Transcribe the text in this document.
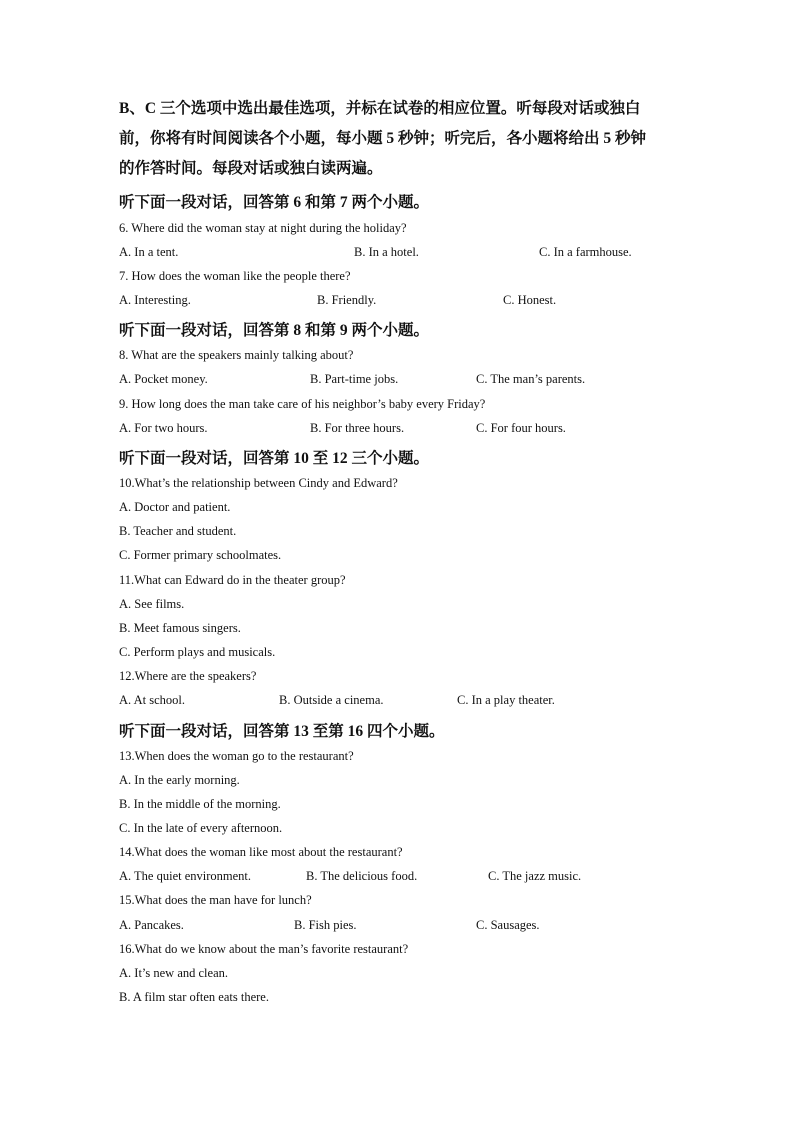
B、C 三个选项中选出最佳选项，并标在试卷的相应位置。听每段对话或独白
前，你将有时间阅读各个小题，每小题 5 秒钟；听完后，各小题将给出 5 秒钟
的作答时间。每段对话或独白读两遍。
听下面一段对话，回答第 6 和第 7 两个小题。
6. Where did the woman stay at night during the holiday?
A. In a tent.	B. In a hotel.	C. In a farmhouse.
7. How does the woman like the people there?
A. Interesting.	B. Friendly.	C. Honest.
听下面一段对话，回答第 8 和第 9 两个小题。
8. What are the speakers mainly talking about?
A. Pocket money.	B. Part-time jobs.	C. The man’s parents.
9. How long does the man take care of his neighbor’s baby every Friday?
A. For two hours.	B. For three hours.	C. For four hours.
听下面一段对话，回答第 10 至 12 三个小题。
10.What’s the relationship between Cindy and Edward?
A. Doctor and patient.
B. Teacher and student.
C. Former primary schoolmates.
11.What can Edward do in the theater group?
A. See films.
B. Meet famous singers.
C. Perform plays and musicals.
12.Where are the speakers?
A. At school.	B. Outside a cinema.	C. In a play theater.
听下面一段对话，回答第 13 至第 16 四个小题。
13.When does the woman go to the restaurant?
A. In the early morning.
B. In the middle of the morning.
C. In the late of every afternoon.
14.What does the woman like most about the restaurant?
A. The quiet environment.	B. The delicious food.	C. The jazz music.
15.What does the man have for lunch?
A. Pancakes.	B. Fish pies.	C. Sausages.
16.What do we know about the man’s favorite restaurant?
A. It’s new and clean.
B. A film star often eats there.
